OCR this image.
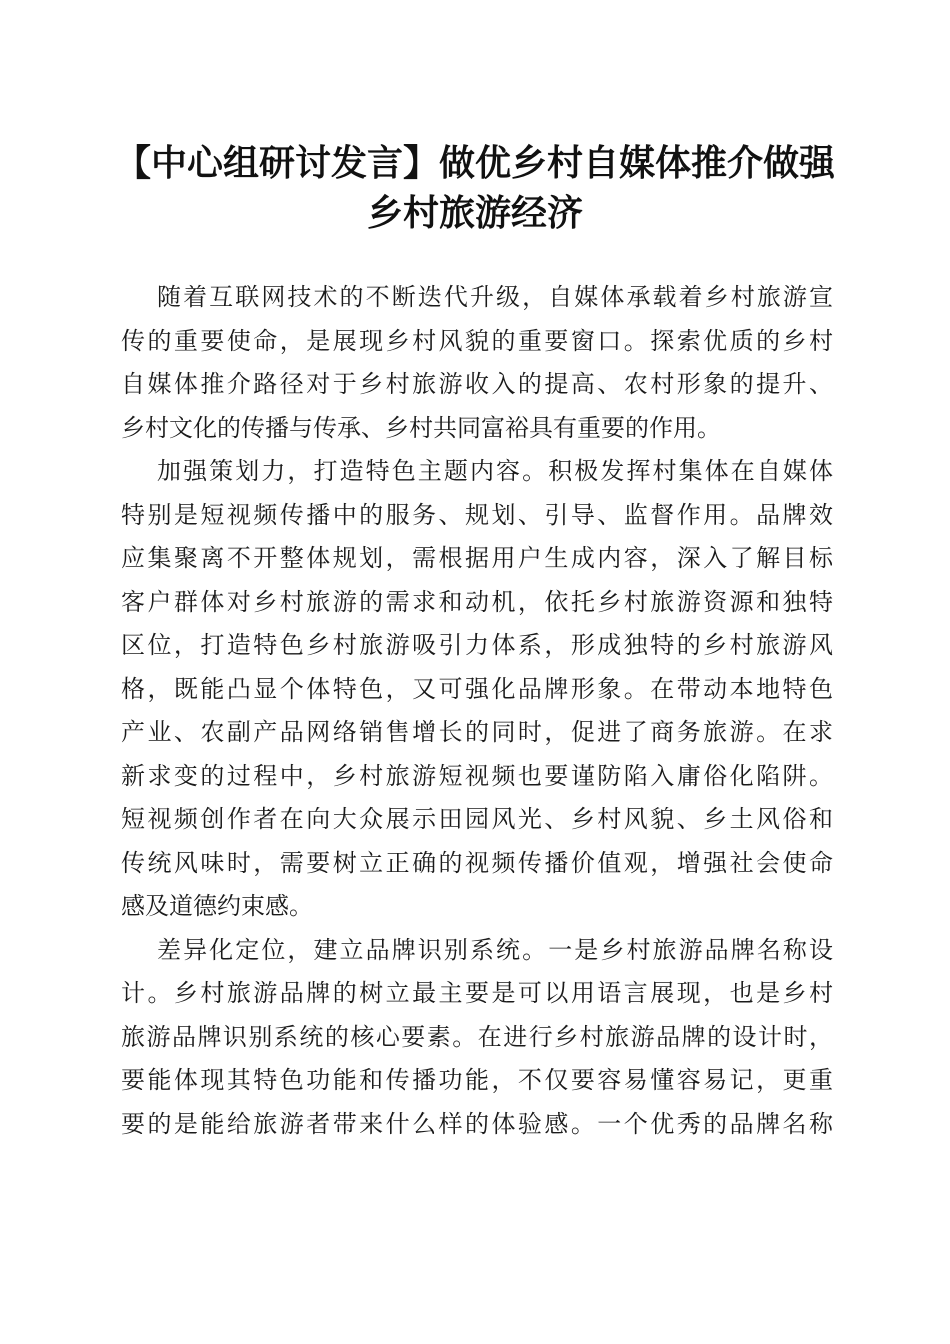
【中心组研讨发言】做优乡村自媒体推介做强
乡村旅游经济
随着互联网技术的不断迭代升级，自媒体承载着乡村旅游宣
传的重要使命，是展现乡村风貌的重要窗口。探索优质的乡村
自媒体推介路径对于乡村旅游收入的提高、农村形象的提升、
乡村文化的传播与传承、乡村共同富裕具有重要的作用。
加强策划力，打造特色主题内容。积极发挥村集体在自媒体
特别是短视频传播中的服务、规划、引导、监督作用。品牌效
应集聚离不开整体规划，需根据用户生成内容，深入了解目标
客户群体对乡村旅游的需求和动机，依托乡村旅游资源和独特
区位，打造特色乡村旅游吸引力体系，形成独特的乡村旅游风
格，既能凸显个体特色，又可强化品牌形象。在带动本地特色
产业、农副产品网络销售增长的同时，促进了商务旅游。在求
新求变的过程中，乡村旅游短视频也要谨防陷入庸俗化陷阱。
短视频创作者在向大众展示田园风光、乡村风貌、乡土风俗和
传统风味时，需要树立正确的视频传播价值观，增强社会使命
感及道德约束感。
差异化定位，建立品牌识别系统。一是乡村旅游品牌名称设
计。乡村旅游品牌的树立最主要是可以用语言展现，也是乡村
旅游品牌识别系统的核心要素。在进行乡村旅游品牌的设计时，
要能体现其特色功能和传播功能，不仅要容易懂容易记，更重
要的是能给旅游者带来什么样的体验感。一个优秀的品牌名称
